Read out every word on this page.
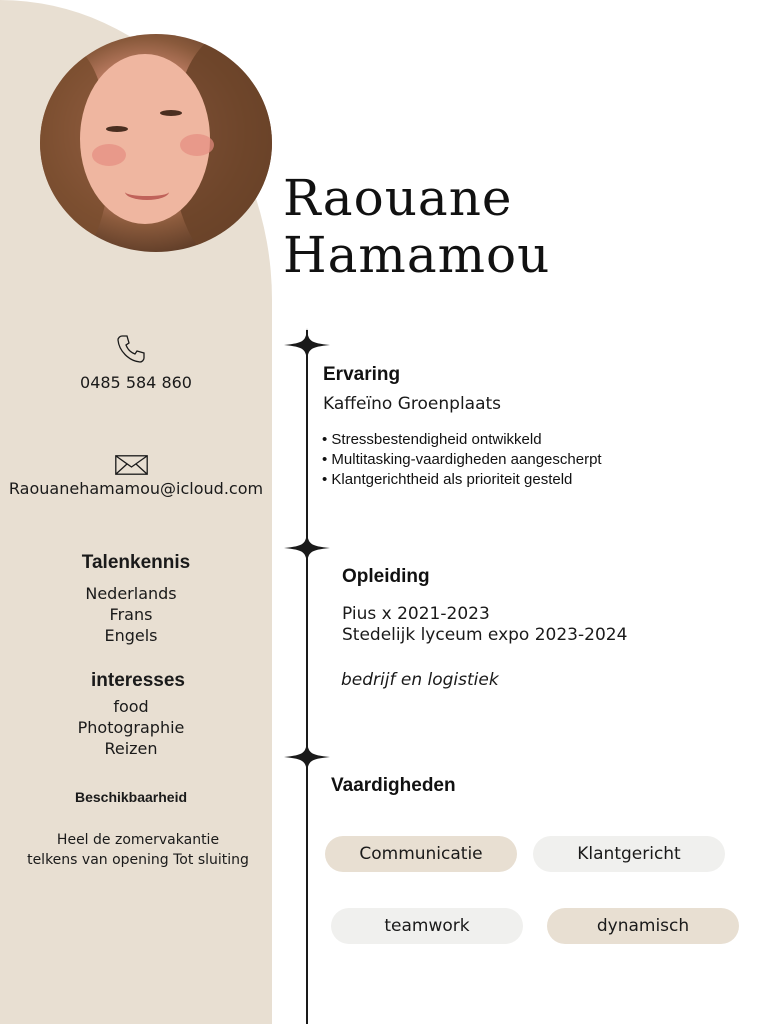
Raouane
Hamamou
0485 584 860
Raouanehamamou@icloud.com
Talenkennis
Nederlands
Frans
Engels
interesses
food
Photographie
Reizen
Beschikbaarheid
Heel de zomervakantie
telkens van opening Tot sluiting
Ervaring
Kaffeïno Groenplaats
• Stressbestendigheid ontwikkeld
• Multitasking-vaardigheden aangescherpt
• Klantgerichtheid als prioriteit gesteld
Opleiding
Pius x 2021-2023
Stedelijk lyceum expo 2023-2024
bedrijf en logistiek
Vaardigheden
Communicatie	Klantgericht
teamwork	dynamisch
